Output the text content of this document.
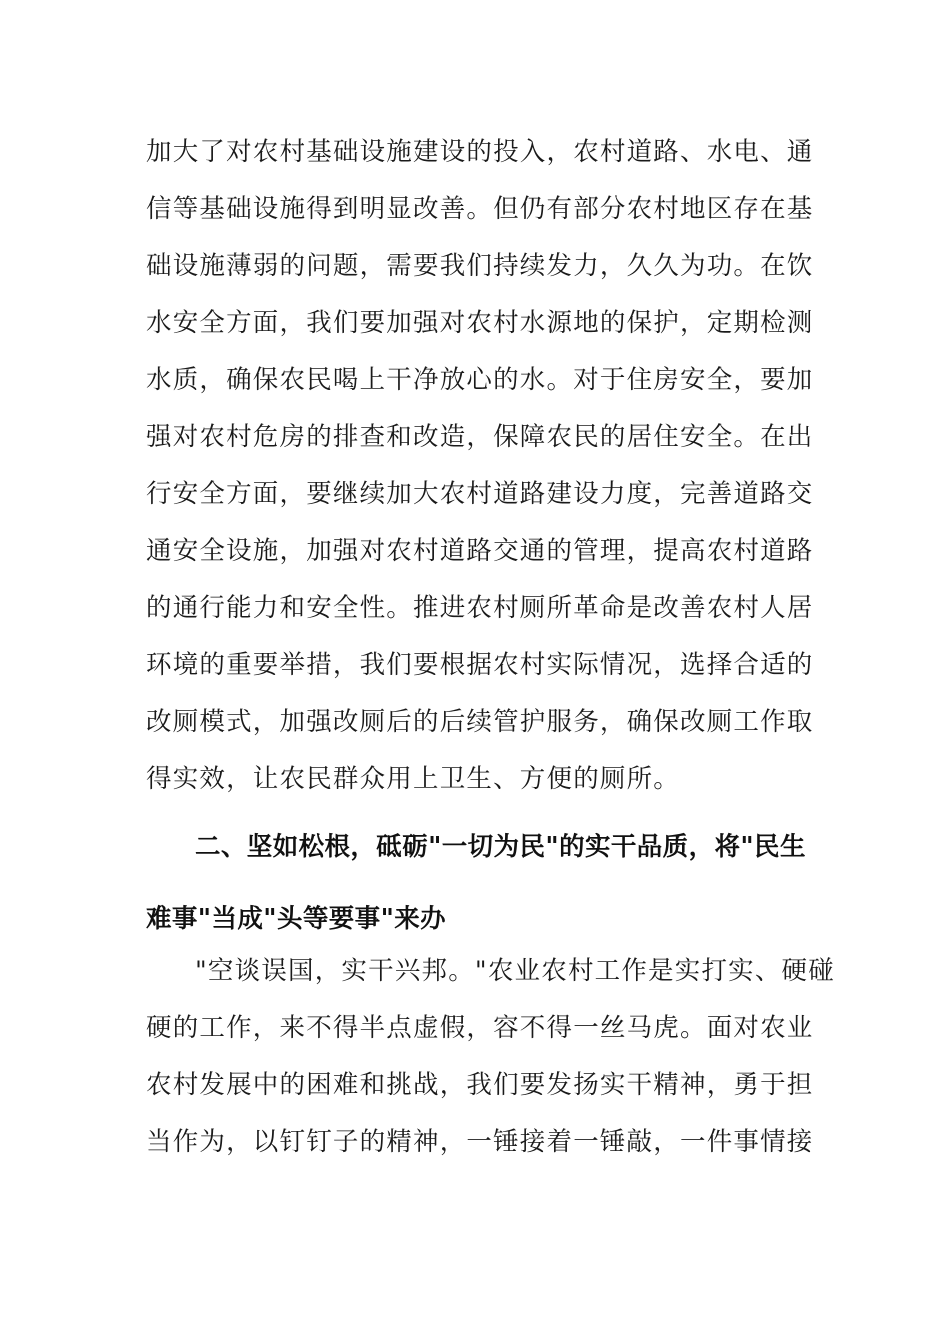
加大了对农村基础设施建设的投入，农村道路、水电、通
信等基础设施得到明显改善。但仍有部分农村地区存在基
础设施薄弱的问题，需要我们持续发力，久久为功。在饮
水安全方面，我们要加强对农村水源地的保护，定期检测
水质，确保农民喝上干净放心的水。对于住房安全，要加
强对农村危房的排查和改造，保障农民的居住安全。在出
行安全方面，要继续加大农村道路建设力度，完善道路交
通安全设施，加强对农村道路交通的管理，提高农村道路
的通行能力和安全性。推进农村厕所革命是改善农村人居
环境的重要举措，我们要根据农村实际情况，选择合适的
改厕模式，加强改厕后的后续管护服务，确保改厕工作取
得实效，让农民群众用上卫生、方便的厕所。
二、坚如松根，砥砺"一切为民"的实干品质，将"民生
难事"当成"头等要事"来办
"空谈误国，实干兴邦。"农业农村工作是实打实、硬碰
硬的工作，来不得半点虚假，容不得一丝马虎。面对农业
农村发展中的困难和挑战，我们要发扬实干精神，勇于担
当作为，以钉钉子的精神，一锤接着一锤敲，一件事情接
